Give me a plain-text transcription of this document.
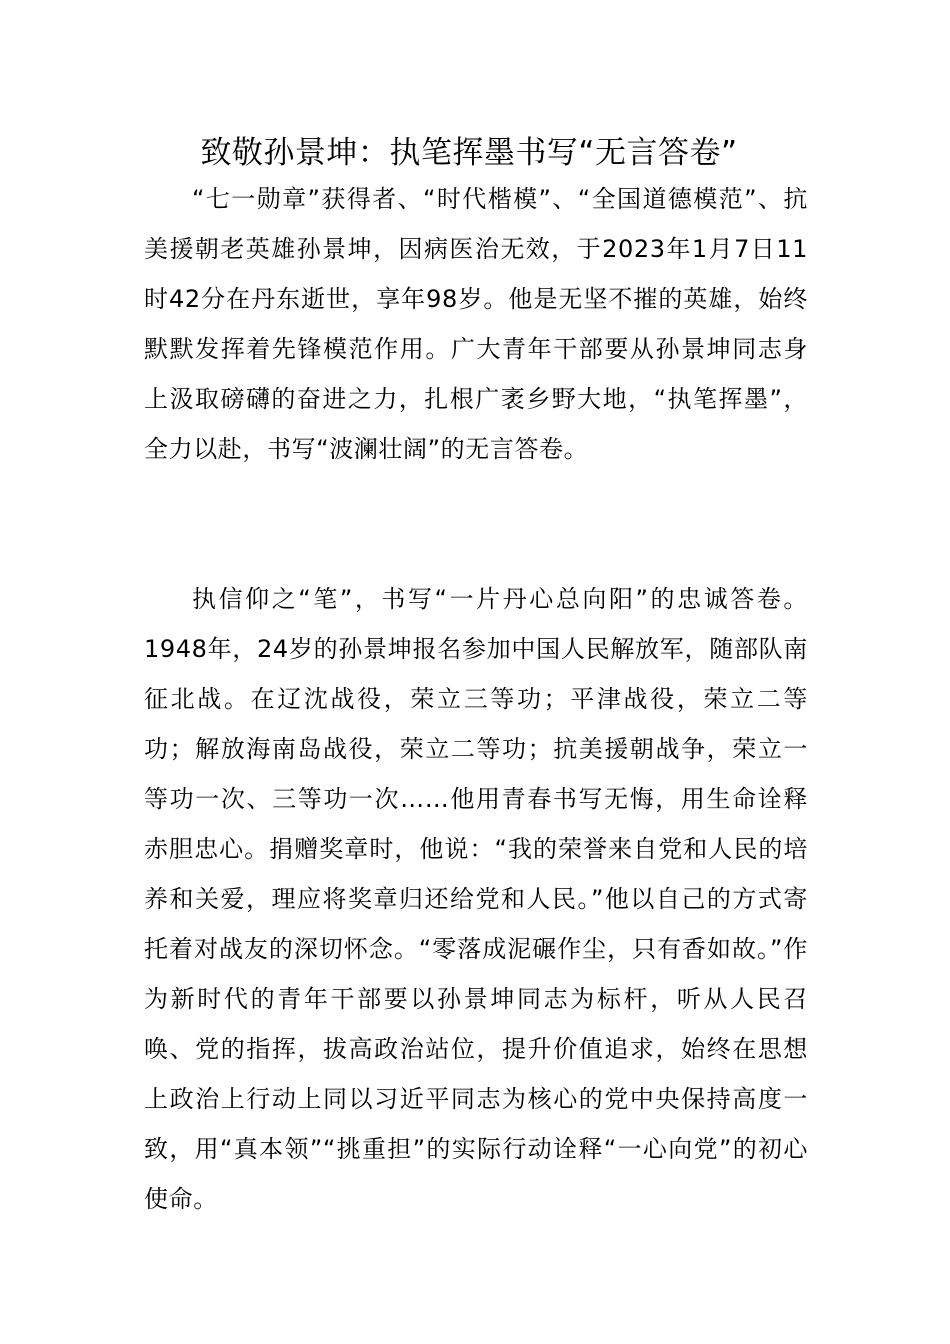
致敬孙景坤：执笔挥墨书写“无言答卷”

“七一勋章”获得者、“时代楷模”、“全国道德模范”、抗美援朝老英雄孙景坤，因病医治无效，于2023年1月7日11时42分在丹东逝世，享年98岁。他是无坚不摧的英雄，始终默默发挥着先锋模范作用。广大青年干部要从孙景坤同志身上汲取磅礴的奋进之力，扎根广袤乡野大地，“执笔挥墨”，全力以赴，书写“波澜壮阔”的无言答卷。

执信仰之“笔”，书写“一片丹心总向阳”的忠诚答卷。1948年，24岁的孙景坤报名参加中国人民解放军，随部队南征北战。在辽沈战役，荣立三等功；平津战役，荣立二等功；解放海南岛战役，荣立二等功；抗美援朝战争，荣立一等功一次、三等功一次……他用青春书写无悔，用生命诠释赤胆忠心。捐赠奖章时，他说：“我的荣誉来自党和人民的培养和关爱，理应将奖章归还给党和人民。”他以自己的方式寄托着对战友的深切怀念。“零落成泥碾作尘，只有香如故。”作为新时代的青年干部要以孙景坤同志为标杆，听从人民召唤、党的指挥，拔高政治站位，提升价值追求，始终在思想上政治上行动上同以习近平同志为核心的党中央保持高度一致，用“真本领”“挑重担”的实际行动诠释“一心向党”的初心使命。
